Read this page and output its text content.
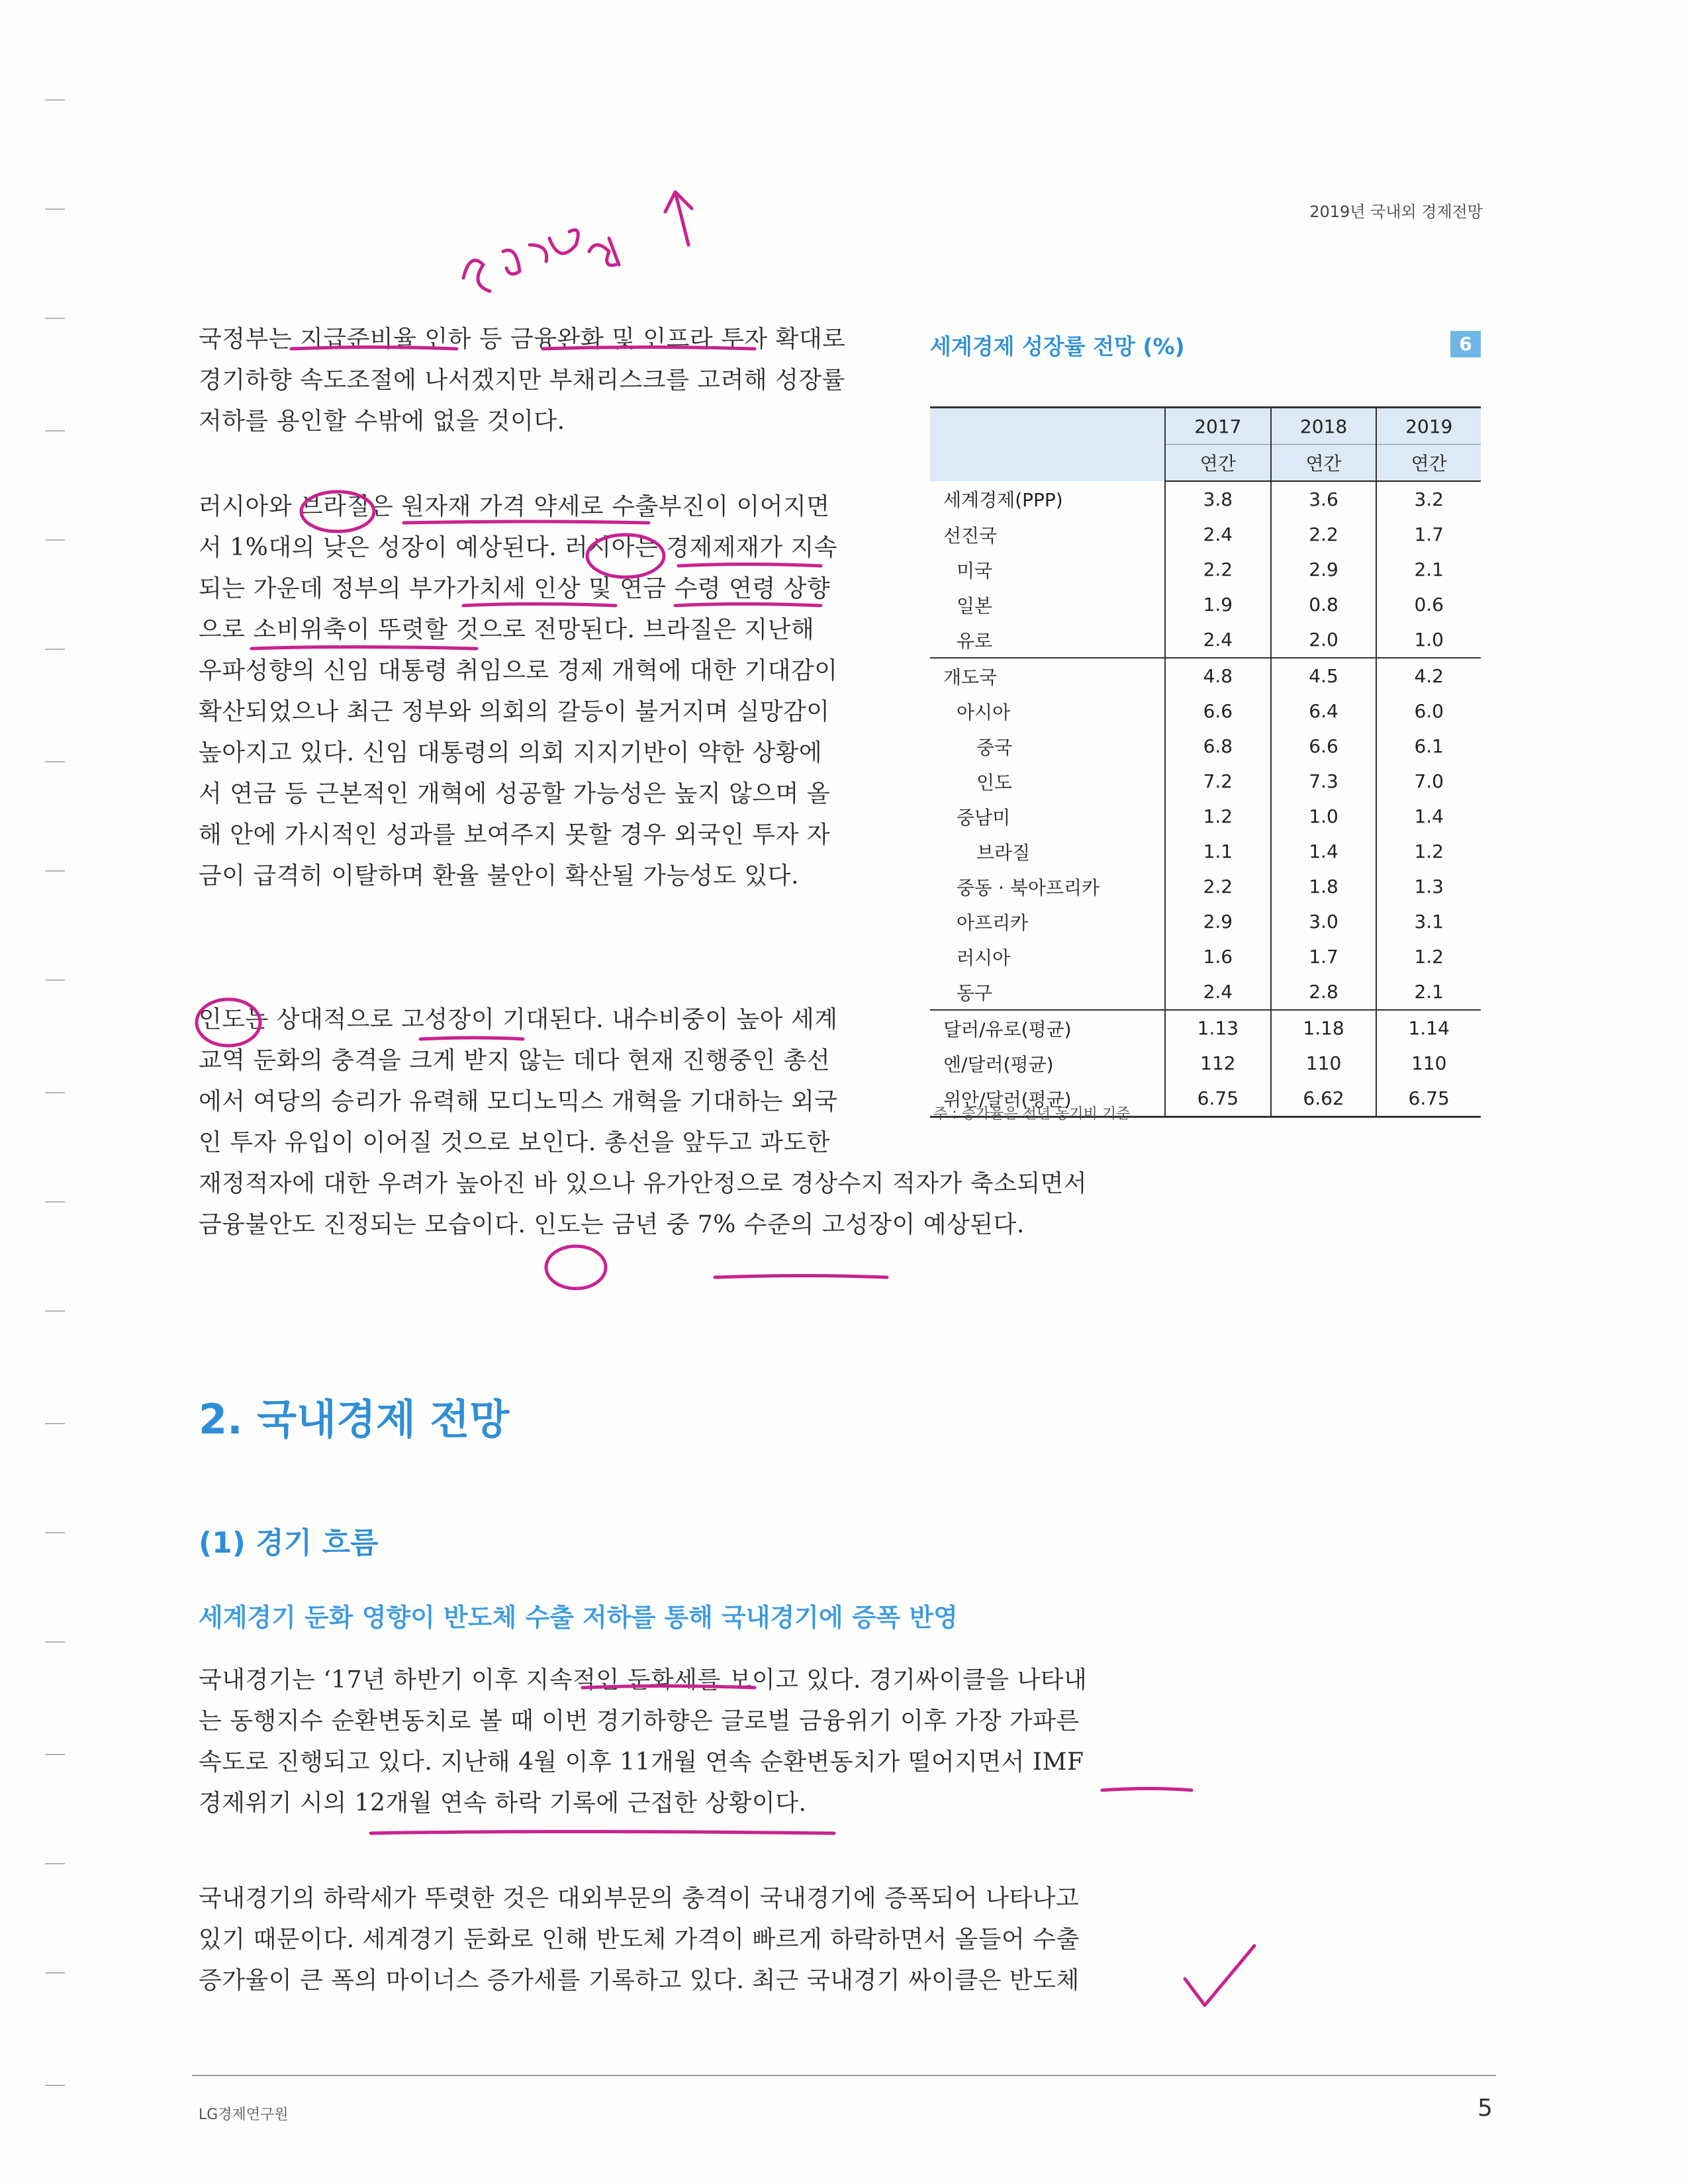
2019년 국내외 경제전망

국정부는 지급준비율 인하 등 금융완화 및 인프라 투자 확대로
경기하향 속도조절에 나서겠지만 부채리스크를 고려해 성장률
저하를 용인할 수밖에 없을 것이다.

러시아와 브라질은 원자재 가격 약세로 수출부진이 이어지면
서 1%대의 낮은 성장이 예상된다. 러시아는 경제제재가 지속
되는 가운데 정부의 부가가치세 인상 및 연금 수령 연령 상향
으로 소비위축이 뚜렷할 것으로 전망된다. 브라질은 지난해
우파성향의 신임 대통령 취임으로 경제 개혁에 대한 기대감이
확산되었으나 최근 정부와 의회의 갈등이 불거지며 실망감이
높아지고 있다. 신임 대통령의 의회 지지기반이 약한 상황에
서 연금 등 근본적인 개혁에 성공할 가능성은 높지 않으며 올
해 안에 가시적인 성과를 보여주지 못할 경우 외국인 투자 자
금이 급격히 이탈하며 환율 불안이 확산될 가능성도 있다.

인도는 상대적으로 고성장이 기대된다. 내수비중이 높아 세계
교역 둔화의 충격을 크게 받지 않는 데다 현재 진행중인 총선
에서 여당의 승리가 유력해 모디노믹스 개혁을 기대하는 외국
인 투자 유입이 이어질 것으로 보인다. 총선을 앞두고 과도한
재정적자에 대한 우려가 높아진 바 있으나 유가안정으로 경상수지 적자가 축소되면서
금융불안도 진정되는 모습이다. 인도는 금년 중 7% 수준의 고성장이 예상된다.

세계경제 성장률 전망 (%)	6
	2017	2018	2019
	연간	연간	연간
세계경제(PPP)	3.8	3.6	3.2
선진국	2.4	2.2	1.7
미국	2.2	2.9	2.1
일본	1.9	0.8	0.6
유로	2.4	2.0	1.0
개도국	4.8	4.5	4.2
아시아	6.6	6.4	6.0
중국	6.8	6.6	6.1
인도	7.2	7.3	7.0
중남미	1.2	1.0	1.4
브라질	1.1	1.4	1.2
중동 · 북아프리카	2.2	1.8	1.3
아프리카	2.9	3.0	3.1
러시아	1.6	1.7	1.2
동구	2.4	2.8	2.1
달러/유로(평균)	1.13	1.18	1.14
엔/달러(평균)	112	110	110
위안/달러(평균)	6.75	6.62	6.75
주 : 증가율은 전년 동기비 기준
2. 국내경제 전망
(1) 경기 흐름
세계경기 둔화 영향이 반도체 수출 저하를 통해 국내경기에 증폭 반영

국내경기는 ‘17년 하반기 이후 지속적인 둔화세를 보이고 있다. 경기싸이클을 나타내
는 동행지수 순환변동치로 볼 때 이번 경기하향은 글로벌 금융위기 이후 가장 가파른
속도로 진행되고 있다. 지난해 4월 이후 11개월 연속 순환변동치가 떨어지면서 IMF
경제위기 시의 12개월 연속 하락 기록에 근접한 상황이다.

국내경기의 하락세가 뚜렷한 것은 대외부문의 충격이 국내경기에 증폭되어 나타나고
있기 때문이다. 세계경기 둔화로 인해 반도체 가격이 빠르게 하락하면서 올들어 수출
증가율이 큰 폭의 마이너스 증가세를 기록하고 있다. 최근 국내경기 싸이클은 반도체

LG경제연구원	5
